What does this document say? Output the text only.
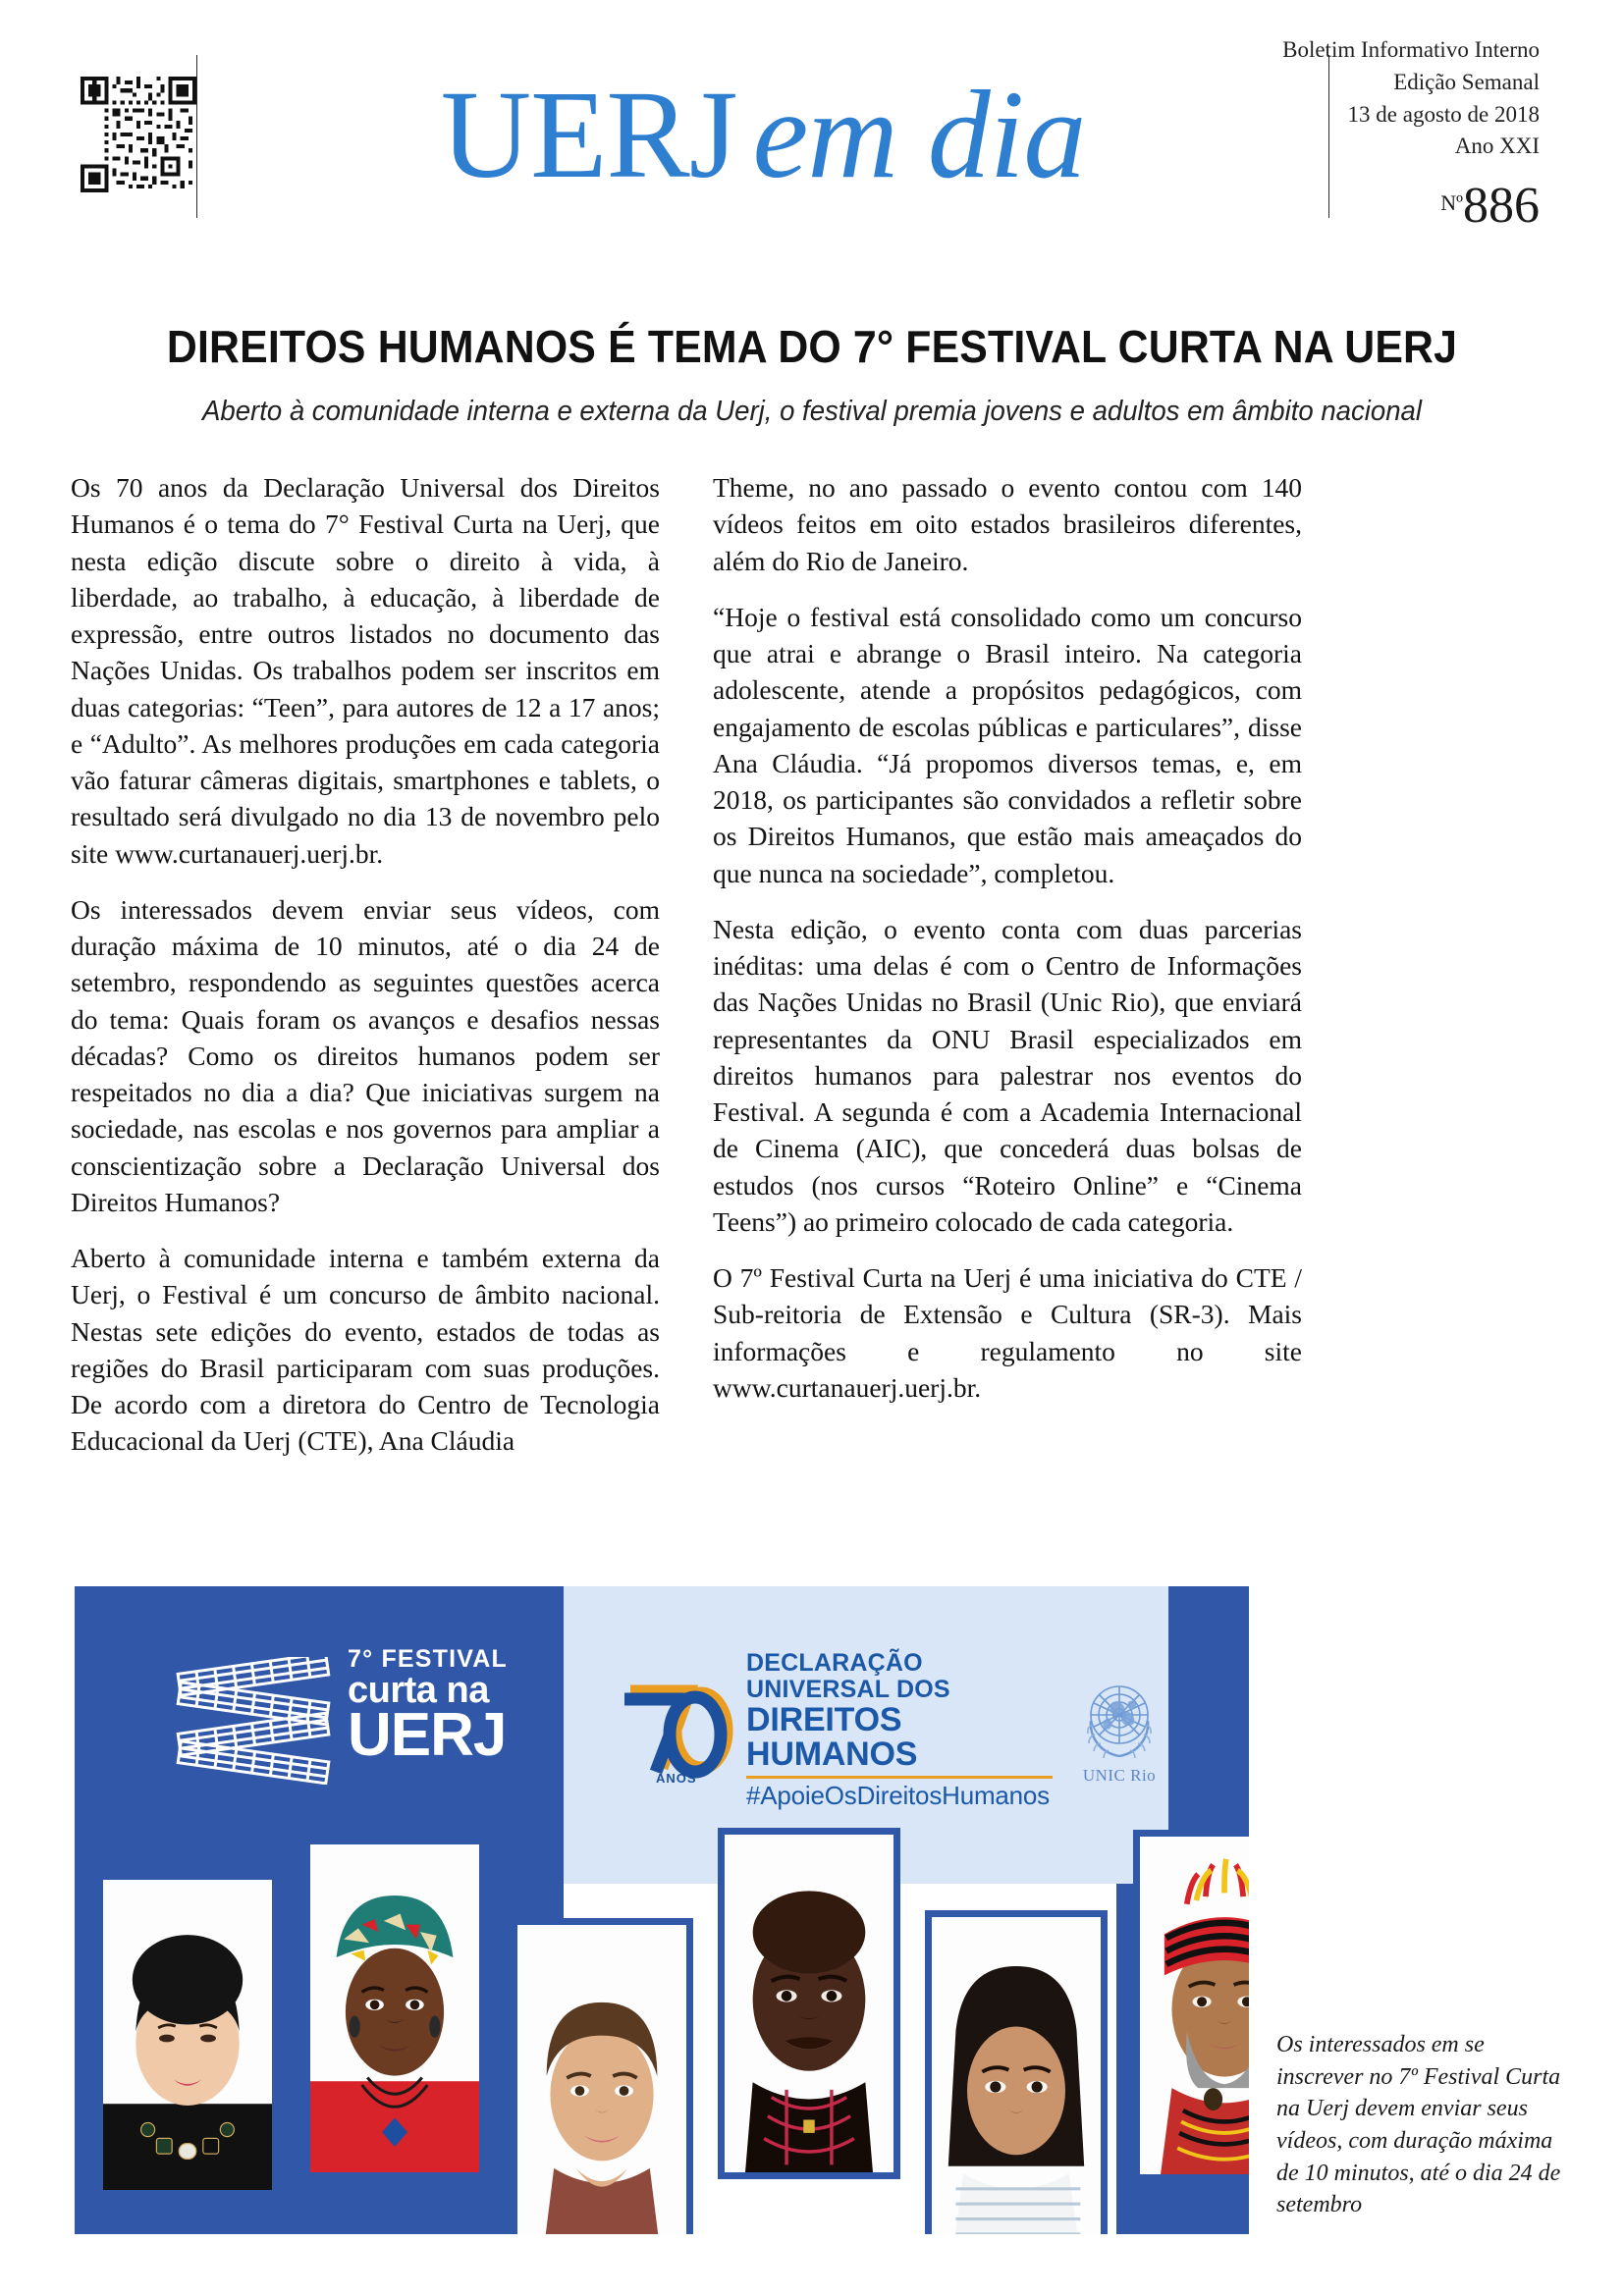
UERJ em dia
Boletim Informativo Interno
Edição Semanal
13 de agosto de 2018
Ano XXI
Nº886
DIREITOS HUMANOS É TEMA DO 7° FESTIVAL CURTA NA UERJ
Aberto à comunidade interna e externa da Uerj, o festival premia jovens e adultos em âmbito nacional

Os 70 anos da Declaração Universal dos Direitos Humanos é o tema do 7° Festival Curta na Uerj, que nesta edição discute sobre o direito à vida, à liberdade, ao trabalho, à educação, à liberdade de expressão, entre outros listados no documento das Nações Unidas. Os trabalhos podem ser inscritos em duas categorias: “Teen”, para autores de 12 a 17 anos; e “Adulto”. As melhores produções em cada categoria vão faturar câmeras digitais, smartphones e tablets, o resultado será divulgado no dia 13 de novembro pelo site www.curtanauerj.uerj.br.

Os interessados devem enviar seus vídeos, com duração máxima de 10 minutos, até o dia 24 de setembro, respondendo as seguintes questões acerca do tema: Quais foram os avanços e desafios nessas décadas? Como os direitos humanos podem ser respeitados no dia a dia? Que iniciativas surgem na sociedade, nas escolas e nos governos para ampliar a conscientização sobre a Declaração Universal dos Direitos Humanos?

Aberto à comunidade interna e também externa da Uerj, o Festival é um concurso de âmbito nacional. Nestas sete edições do evento, estados de todas as regiões do Brasil participaram com suas produções. De acordo com a diretora do Centro de Tecnologia Educacional da Uerj (CTE), Ana Cláudia

Theme, no ano passado o evento contou com 140 vídeos feitos em oito estados brasileiros diferentes, além do Rio de Janeiro.

“Hoje o festival está consolidado como um concurso que atrai e abrange o Brasil inteiro. Na categoria adolescente, atende a propósitos pedagógicos, com engajamento de escolas públicas e particulares”, disse Ana Cláudia. “Já propomos diversos temas, e, em 2018, os participantes são convidados a refletir sobre os Direitos Humanos, que estão mais ameaçados do que nunca na sociedade”, completou.

Nesta edição, o evento conta com duas parcerias inéditas: uma delas é com o Centro de Informações das Nações Unidas no Brasil (Unic Rio), que enviará representantes da ONU Brasil especializados em direitos humanos para palestrar nos eventos do Festival. A segunda é com a Academia Internacional de Cinema (AIC), que concederá duas bolsas de estudos (nos cursos “Roteiro Online” e “Cinema Teens”) ao primeiro colocado de cada categoria.

O 7º Festival Curta na Uerj é uma iniciativa do CTE / Sub-reitoria de Extensão e Cultura (SR-3). Mais informações e regulamento no site www.curtanauerj.uerj.br.

7° FESTIVAL
curta na
UERJ
ANOS
DECLARAÇÃO UNIVERSAL DOS
DIREITOS HUMANOS
#ApoieOsDireitosHumanos
UNIC Rio
Os interessados em se inscrever no 7º Festival Curta na Uerj devem enviar seus vídeos, com duração máxima de 10 minutos, até o dia 24 de setembro
